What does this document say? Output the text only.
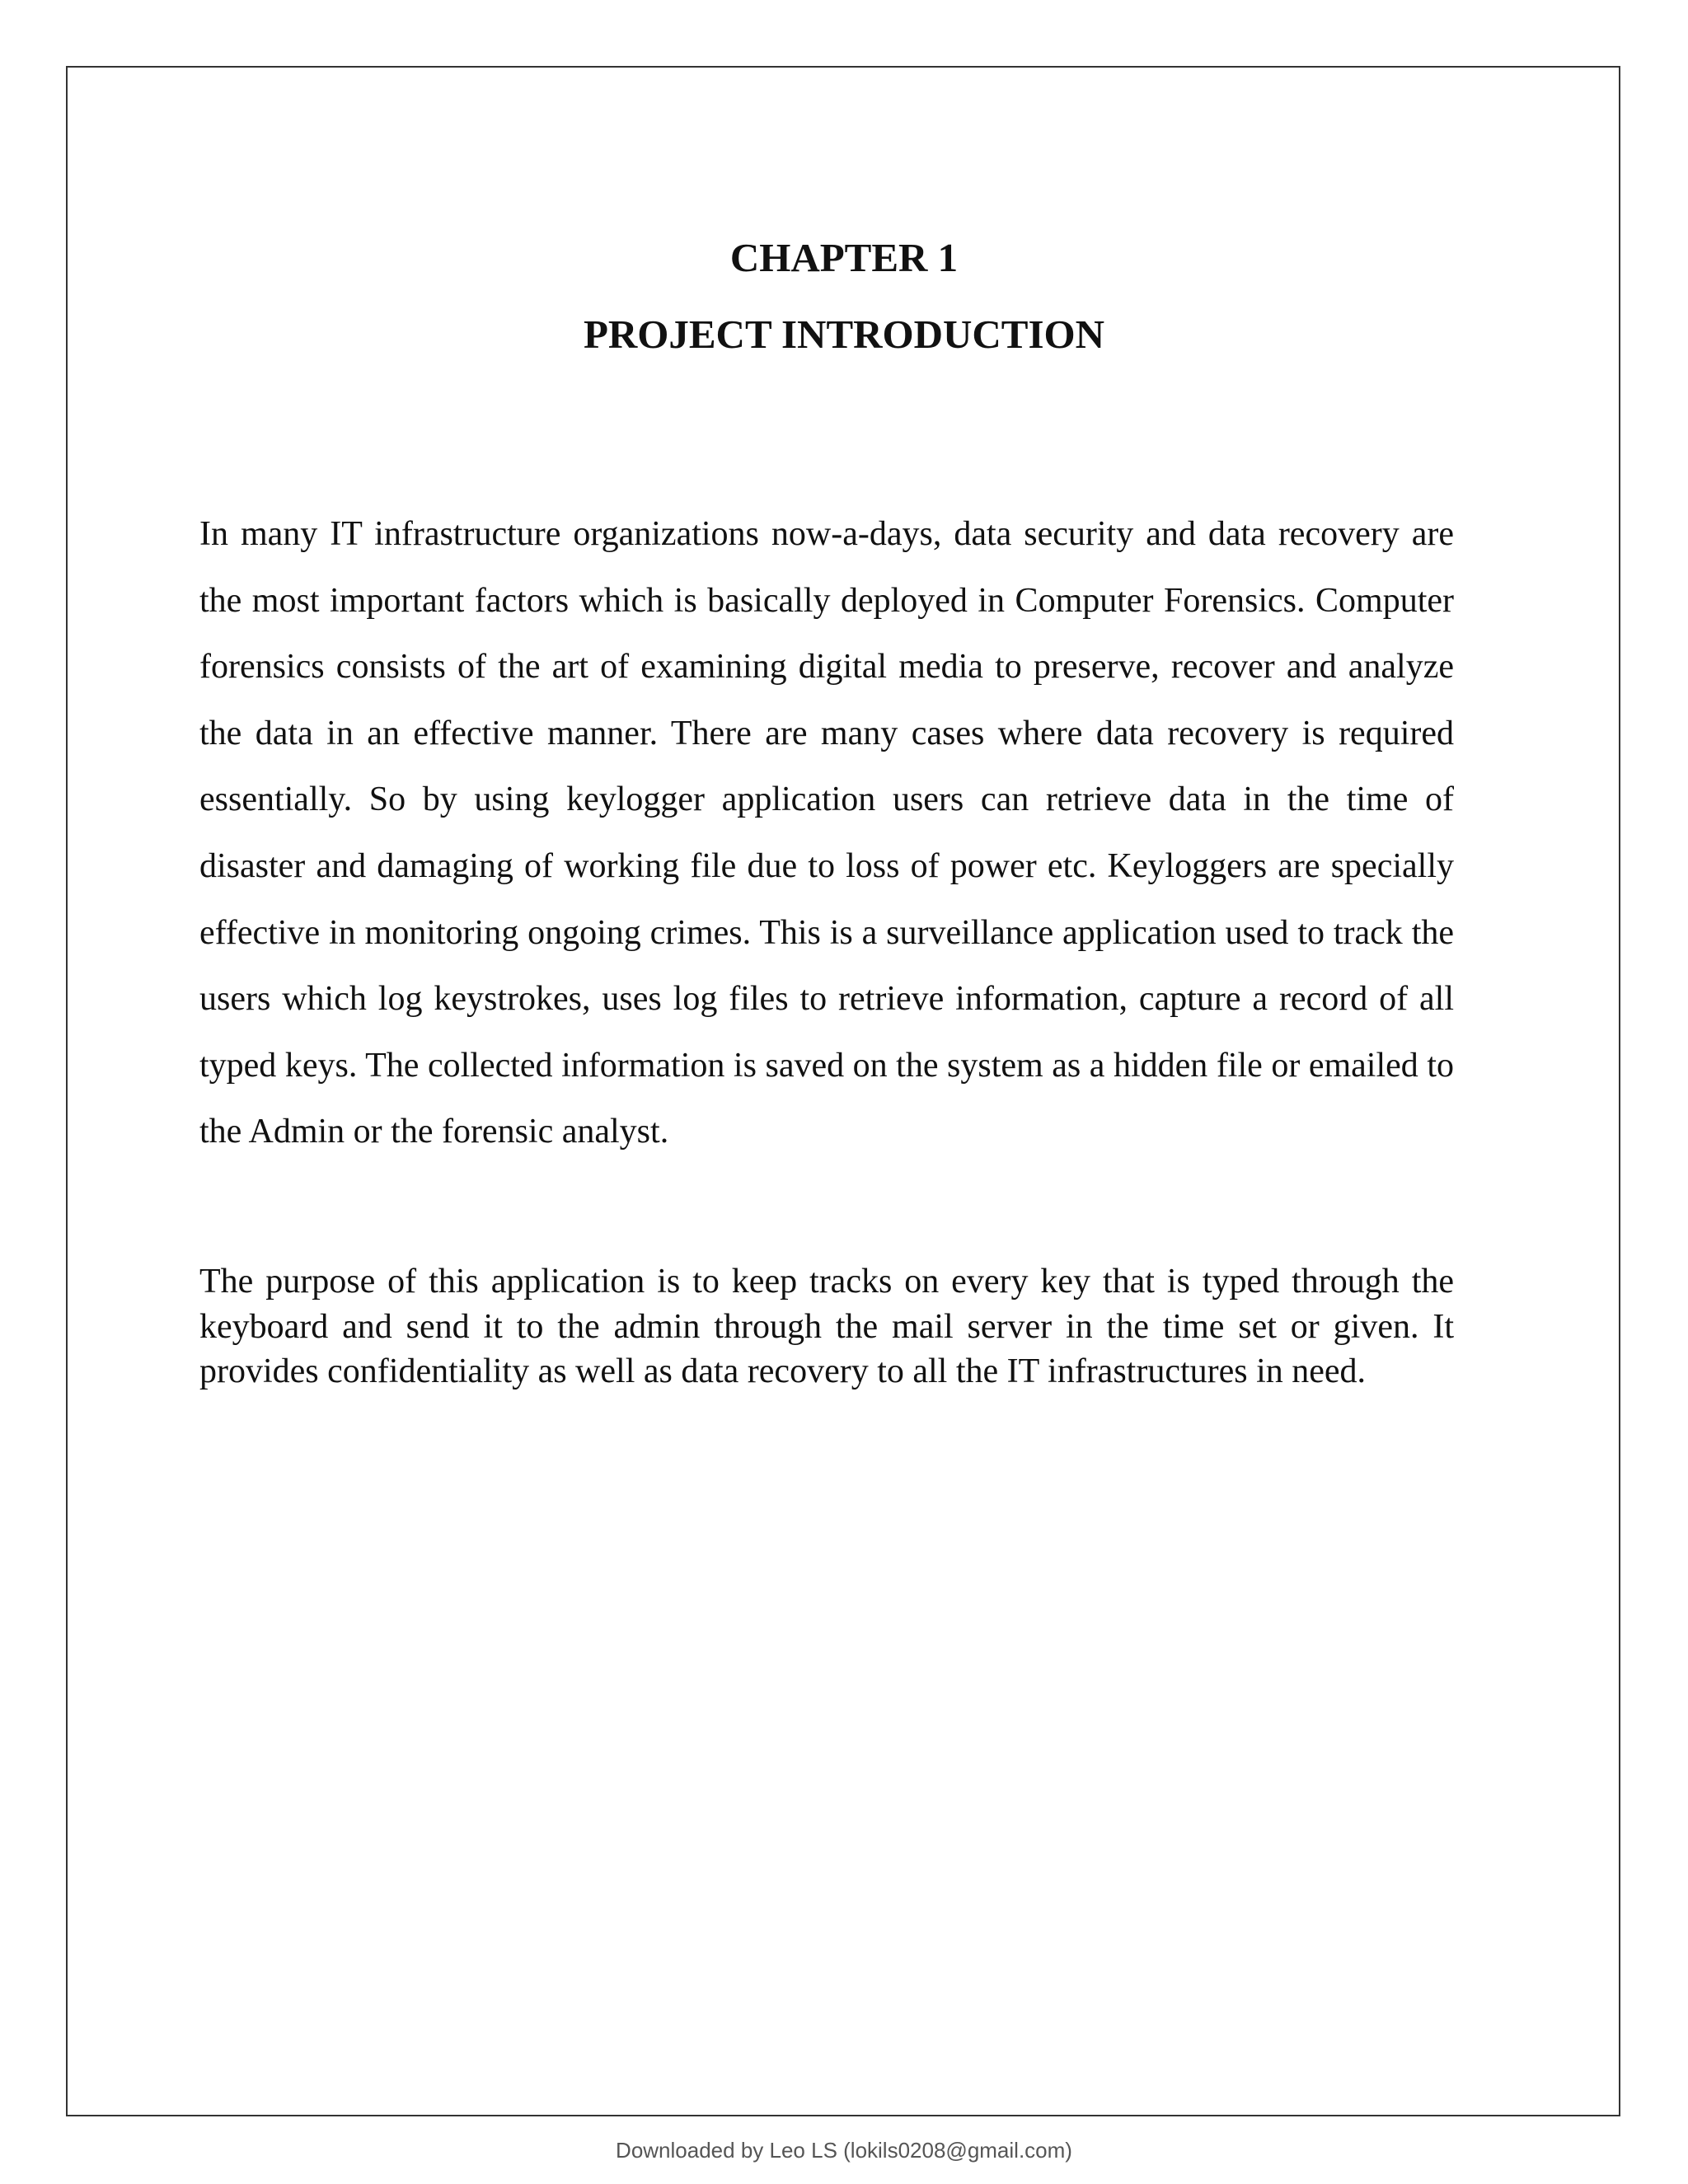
CHAPTER 1
PROJECT INTRODUCTION

In many IT infrastructure organizations now-a-days, data security and data recovery are the most important factors which is basically deployed in Computer Forensics. Computer forensics consists of the art of examining digital media to preserve, recover and analyze the data in an effective manner. There are many cases where data recovery is required essentially. So by using keylogger application users can retrieve data in the time of disaster and damaging of working file due to loss of power etc. Keyloggers are specially effective in monitoring ongoing crimes. This is a surveillance application used to track the users which log keystrokes, uses log files to retrieve information, capture a record of all typed keys. The collected information is saved on the system as a hidden file or emailed to the Admin or the forensic analyst.

The purpose of this application is to keep tracks on every key that is typed through the keyboard and send it to the admin through the mail server in the time set or given. It provides confidentiality as well as data recovery to all the IT infrastructures in need.

Downloaded by Leo LS (lokils0208@gmail.com)
